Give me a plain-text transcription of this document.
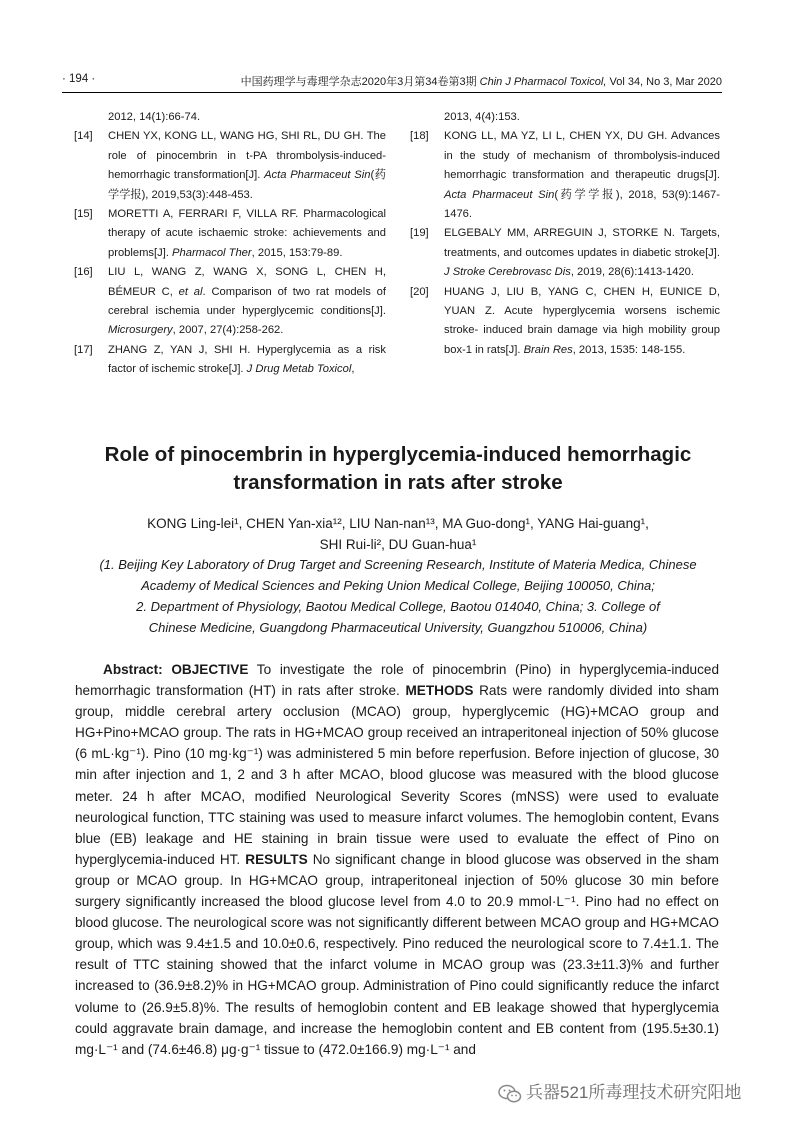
· 194 ·	中国药理学与毒理学杂志2020年3月第34卷第3期 Chin J Pharmacol Toxicol, Vol 34, No 3, Mar 2020
2012, 14(1):66-74.
[14] CHEN YX, KONG LL, WANG HG, SHI RL, DU GH. The role of pinocembrin in t-PA thrombolysis-induced-hemorrhagic transformation[J]. Acta Pharmaceut Sin(药学学报), 2019,53(3):448-453.
[15] MORETTI A, FERRARI F, VILLA RF. Pharmacological therapy of acute ischaemic stroke: achievements and problems[J]. Pharmacol Ther, 2015, 153:79-89.
[16] LIU L, WANG Z, WANG X, SONG L, CHEN H, BÉMEUR C, et al. Comparison of two rat models of cerebral ischemia under hyperglycemic conditions[J]. Microsurgery, 2007, 27(4):258-262.
[17] ZHANG Z, YAN J, SHI H. Hyperglycemia as a risk factor of ischemic stroke[J]. J Drug Metab Toxicol,
2013, 4(4):153.
[18] KONG LL, MA YZ, LI L, CHEN YX, DU GH. Advances in the study of mechanism of thrombolysis-induced hemorrhagic transformation and therapeutic drugs[J]. Acta Pharmaceut Sin(药学学报), 2018, 53(9):1467-1476.
[19] ELGEBALY MM, ARREGUIN J, STORKE N. Targets, treatments, and outcomes updates in diabetic stroke[J]. J Stroke Cerebrovasc Dis, 2019, 28(6):1413-1420.
[20] HUANG J, LIU B, YANG C, CHEN H, EUNICE D, YUAN Z. Acute hyperglycemia worsens ischemic stroke- induced brain damage via high mobility group box-1 in rats[J]. Brain Res, 2013, 1535: 148-155.
Role of pinocembrin in hyperglycemia-induced hemorrhagic
transformation in rats after stroke
KONG Ling-lei¹, CHEN Yan-xia¹², LIU Nan-nan¹³, MA Guo-dong¹, YANG Hai-guang¹,
SHI Rui-li², DU Guan-hua¹
(1. Beijing Key Laboratory of Drug Target and Screening Research, Institute of Materia Medica, Chinese
Academy of Medical Sciences and Peking Union Medical College, Beijing 100050, China;
2. Department of Physiology, Baotou Medical College, Baotou 014040, China; 3. College of
Chinese Medicine, Guangdong Pharmaceutical University, Guangzhou 510006, China)
Abstract: OBJECTIVE To investigate the role of pinocembrin (Pino) in hyperglycemia-induced hemorrhagic transformation (HT) in rats after stroke. METHODS Rats were randomly divided into sham group, middle cerebral artery occlusion (MCAO) group, hyperglycemic (HG)+MCAO group and HG+Pino+MCAO group. The rats in HG+MCAO group received an intraperitoneal injection of 50% glucose (6 mL·kg⁻¹). Pino (10 mg·kg⁻¹) was administered 5 min before reperfusion. Before injection of glucose, 30 min after injection and 1, 2 and 3 h after MCAO, blood glucose was measured with the blood glucose meter. 24 h after MCAO, modified Neurological Severity Scores (mNSS) were used to evaluate neurological function, TTC staining was used to measure infarct volumes. The hemoglobin content, Evans blue (EB) leakage and HE staining in brain tissue were used to evaluate the effect of Pino on hyperglycemia-induced HT. RESULTS No significant change in blood glucose was observed in the sham group or MCAO group. In HG+MCAO group, intraperitoneal injection of 50% glucose 30 min before surgery significantly increased the blood glucose level from 4.0 to 20.9 mmol·L⁻¹. Pino had no effect on blood glucose. The neurological score was not significantly different between MCAO group and HG+MCAO group, which was 9.4±1.5 and 10.0±0.6, respectively. Pino reduced the neurological score to 7.4±1.1. The result of TTC staining showed that the infarct volume in MCAO group was (23.3±11.3)% and further increased to (36.9±8.2)% in HG+MCAO group. Administration of Pino could significantly reduce the infarct volume to (26.9±5.8)%. The results of hemoglobin content and EB leakage showed that hyperglycemia could aggravate brain damage, and increase the hemoglobin content and EB content from (195.5±30.1) mg·L⁻¹ and (74.6±46.8) μg·g⁻¹ tissue to (472.0±166.9) mg·L⁻¹ and
兵器521所毒理技术研究阳地
